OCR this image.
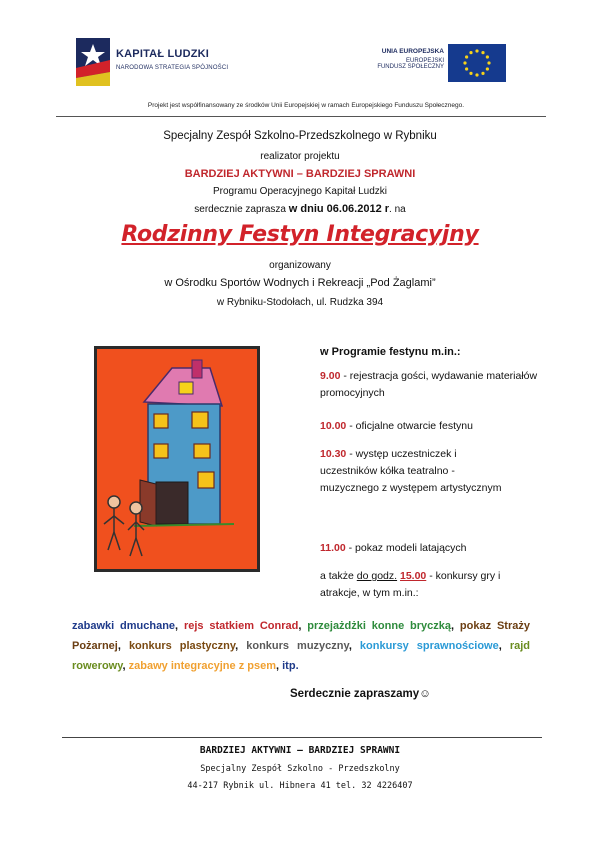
KAPITAŁ LUDZKI
NARODOWA STRATEGIA SPÓJNOŚCI
UNIA EUROPEJSKA
EUROPEJSKI
FUNDUSZ SPOŁECZNY
Projekt jest współfinansowany ze środków Unii Europejskiej w ramach Europejskiego Funduszu Społecznego.
Specjalny Zespół Szkolno-Przedszkolnego w Rybniku
realizator projektu
BARDZIEJ AKTYWNI – BARDZIEJ SPRAWNI
Programu Operacyjnego Kapitał Ludzki
serdecznie zaprasza w dniu 06.06.2012 r. na
Rodzinny Festyn Integracyjny
organizowany
w Ośrodku Sportów Wodnych i Rekreacji „Pod Żaglami”
w Rybniku-Stodołach, ul. Rudzka 394
w Programie festynu m.in.:
9.00 - rejestracja gości, wydawanie materiałów promocyjnych
10.00 - oficjalne otwarcie festynu
10.30 - występ uczestniczek i uczestników kółka teatralno - muzycznego z występem artystycznym
11.00 - pokaz modeli latających
a także do godz. 15.00 - konkursy gry i atrakcje, w tym m.in.:
zabawki dmuchane, rejs statkiem Conrad, przejażdżki konne bryczką, pokaz Straży Pożarnej, konkurs plastyczny, konkurs muzyczny, konkursy sprawnościowe, rajd rowerowy, zabawy integracyjne z psem, itp.
Serdecznie zapraszamy☺
BARDZIEJ AKTYWNI – BARDZIEJ SPRAWNI
Specjalny Zespół Szkolno - Przedszkolny
44-217 Rybnik ul. Hibnera 41 tel. 32 4226407
